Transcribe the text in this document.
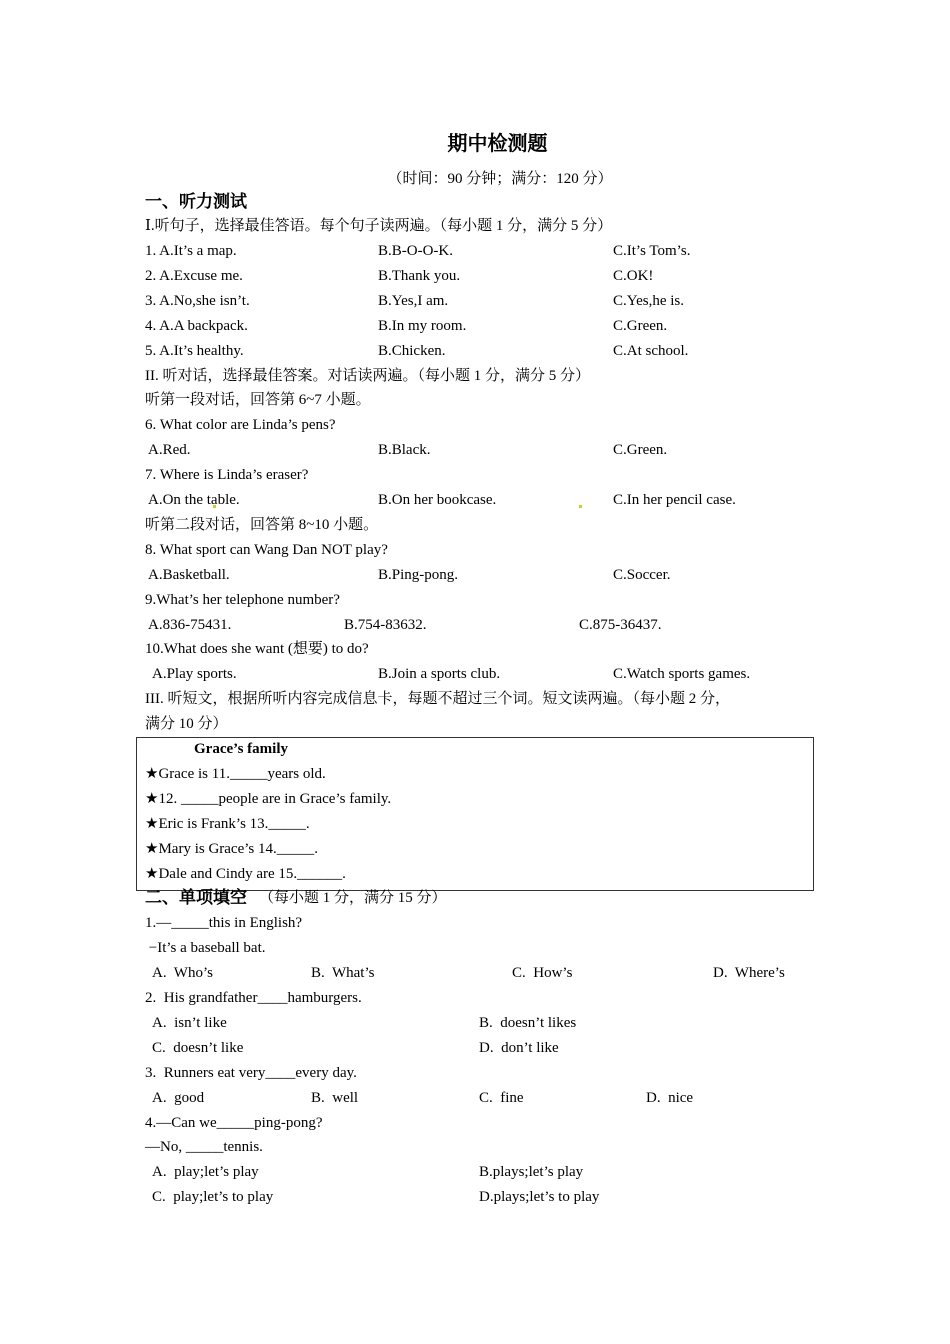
期中检测题
（时间：90 分钟；满分：120 分）
一、听力测试
Ⅰ.听句子，选择最佳答语。每个句子读两遍。（每小题 1 分，满分 5 分）
1. A.It’s a map.	B.B-O-O-K.	C.It’s Tom’s.
2. A.Excuse me.	B.Thank you.	C.OK!
3. A.No,she isn’t.	B.Yes,I am.	C.Yes,he is.
4. A.A backpack.	B.In my room.	C.Green.
5. A.It’s healthy.	B.Chicken.	C.At school.
II. 听对话，选择最佳答案。对话读两遍。（每小题 1 分，满分 5 分）
听第一段对话，回答第 6~7 小题。
6. What color are Linda’s pens?
A.Red.	B.Black.	C.Green.
7. Where is Linda’s eraser?
A.On the table.	B.On her bookcase.	C.In her pencil case.
听第二段对话，回答第 8~10 小题。
8. What sport can Wang Dan NOT play?
A.Basketball.	B.Ping-pong.	C.Soccer.
9.What’s her telephone number?
A.836-75431.	B.754-83632.	C.875-36437.
10.What does she want (想要) to do?
A.Play sports.	B.Join a sports club.	C.Watch sports games.
III. 听短文，根据所听内容完成信息卡，每题不超过三个词。短文读两遍。（每小题 2 分，
满分 10 分）
Grace’s family
★Grace is 11._____years old.
★12. _____people are in Grace’s family.
★Eric is Frank’s 13._____.
★Mary is Grace’s 14._____.
★Dale and Cindy are 15.______.
二、单项填空 （每小题 1 分，满分 15 分）
1.—_____this in English?
−It’s a baseball bat.
A.  Who’s	B.  What’s	C.  How’s	D.  Where’s
2.  His grandfather____hamburgers.
A.  isn’t like	B.  doesn’t likes
C.  doesn’t like	D.  don’t like
3.  Runners eat very____every day.
A.  good	B.  well	C.  fine	D.  nice
4.—Can we_____ping-pong?
—No, _____tennis.
A.  play;let’s play	B.plays;let’s play
C.  play;let’s to play	D.plays;let’s to play
